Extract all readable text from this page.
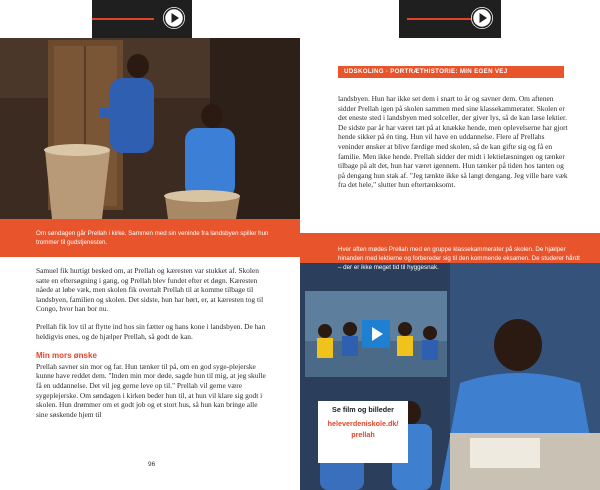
Om søndagen går Prellah i kirke. Sammen med sin veninde fra landsbyen spiller hun trommer til gudstjenesten.

Samuel fik hurtigt besked om, at Prellah og kæresten var stukket af. Skolen satte en eftersøgning i gang, og Prellah blev fundet efter et døgn. Kæresten nåede at løbe væk, men skolen fik overtalt Prellah til at komme tilbage til landsbyen, familien og skolen. Det sidste, hun har hørt, er, at kæresten tog til Congo, hvor han bor nu.

Prellah fik lov til at flytte ind hos sin fætter og hans kone i landsbyen. De han heldigvis enes, og de hjælper Prellah, så godt de kan.

Min mors ønske

Prellah savner sin mor og far. Hun tænker til på, om en god syge-plejerske kunne have reddet dem. "Inden min mor døde, sagde hun til mig, at jeg skulle få en uddannelse. Det vil jeg gerne leve op til." Prellah vil gerne være sygeplejerske. Om søndagen i kirken beder hun til, at hun vil klare sig godt i skolen. Hun drømmer om et godt job og et stort hus, så hun kan bringe alle sine søskende hjem til

96
UDSKOLING · PORTRÆTHISTORIE: MIN EGEN VEJ

landsbyen. Hun har ikke set dem i snart to år og savner dem. Om aftenen sidder Prellah igen på skolen sammen med sine klassekammerater. Skolen er det eneste sted i landsbyen med solceller, der giver lys, så de kan læse lektier. De sidste par år har været tæt på at knække hende, men oplevelserne har gjort hende sikker på én ting. Hun vil have en uddannelse. Flere af Prellahs veninder ønsker at blive færdige med skolen, så de kan gifte sig og få en familie. Men ikke hende. Prellah sidder der midt i lektielæsningen og tænker tilbage på alt det, hun har været igennem. Hun tænker på tiden hos tanten og på dengang hun stak af. "Jeg tænkte ikke så langt dengang. Jeg ville bare væk fra det hele," slutter hun eftertænksomt.

Hver aften mødes Prellah med en gruppe klassekammerater på skolen. De hjælper hinanden med lektierne og forbereder sig til den kommende eksamen. De studerer hårdt – der er ikke meget tid til hyggesnak.

Se film og billeder
heleverdeniskole.dk/
prellah
